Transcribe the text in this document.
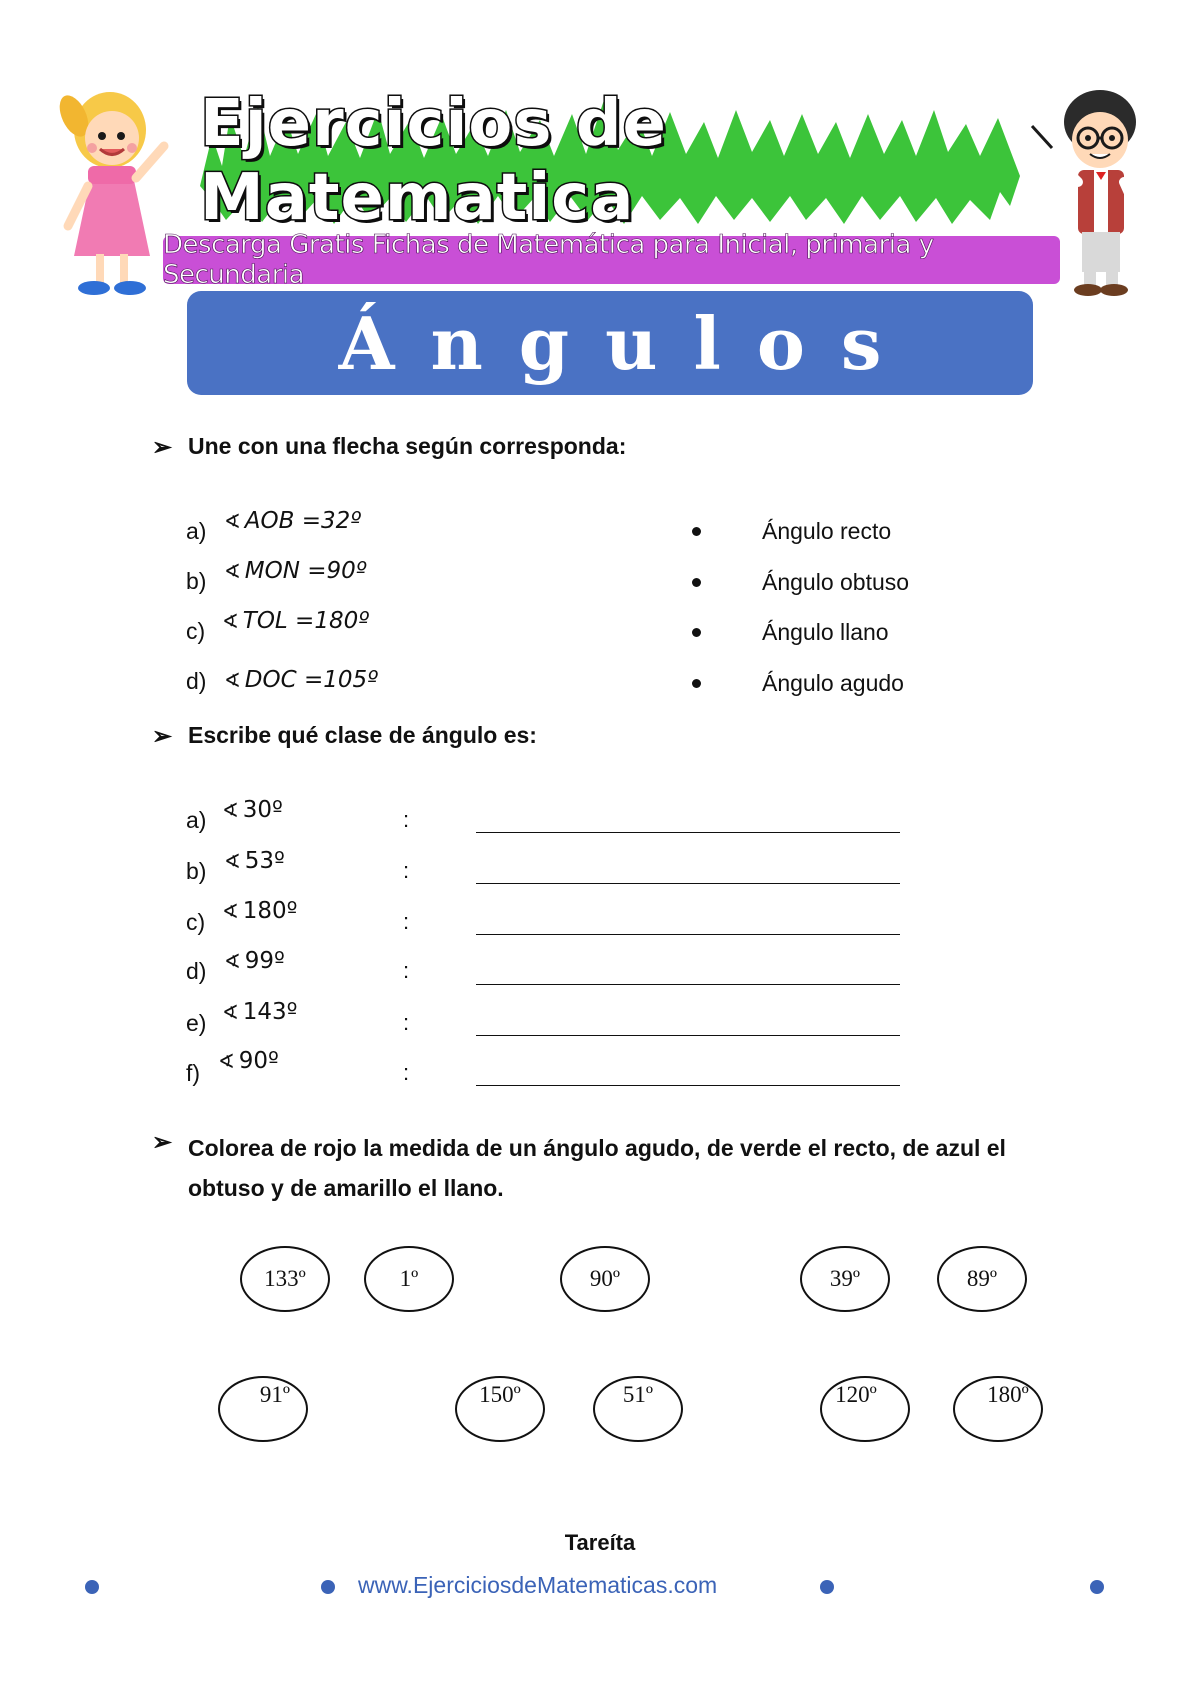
Ejercicios de Matematica
Descarga Gratis Fichas de Matemática para Inicial, primaria y Secundaria
Ángulos
➢ Une con una flecha según corresponda:
a) ∢ AOB =32º
b) ∢ MON =90º
c) ∢ TOL =180º
d) ∢ DOC =105º
Ángulo recto
Ángulo obtuso
Ángulo llano
Ángulo agudo
➢ Escribe qué clase de ángulo es:
a) ∢ 30º	:
b) ∢ 53º	:
c) ∢ 180º	:
d) ∢ 99º	:
e) ∢ 143º	:
f) ∢ 90º	:
➢ Colorea de rojo la medida de un ángulo agudo, de verde el recto, de azul el
obtuso y de amarillo el llano.
133º	1º	90º	39º	89º
91º	150º	51º	120º	180º
Tareíta
www.EjerciciosdeMatematicas.com
